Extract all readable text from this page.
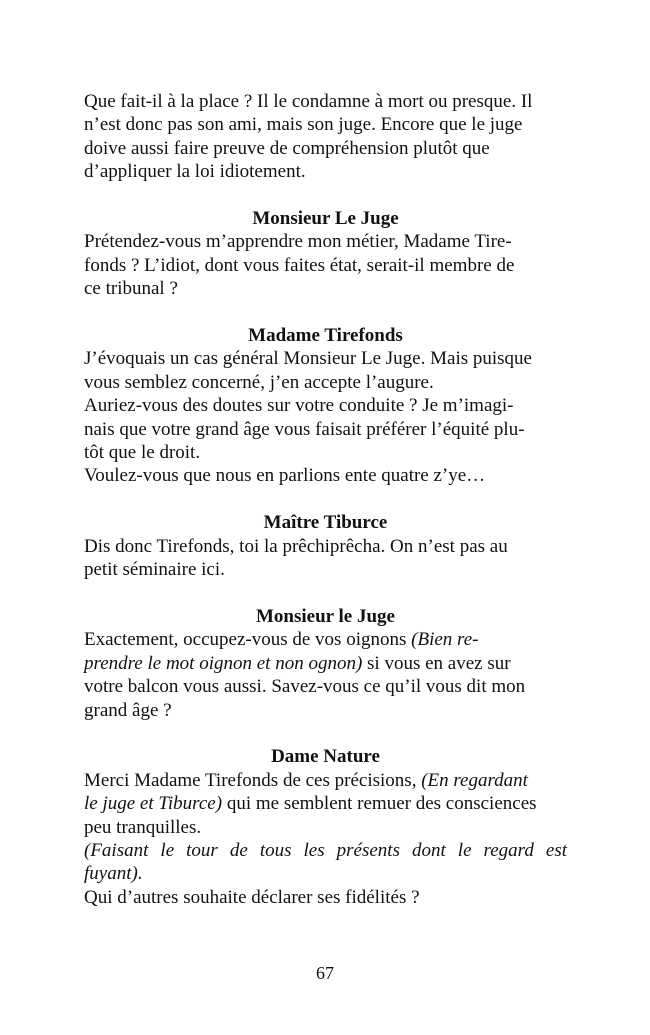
Que fait-il à la place ? Il le condamne à mort ou presque. Il
n’est donc pas son ami, mais son juge. Encore que le juge
doive aussi faire preuve de compréhension plutôt que
d’appliquer la loi idiotement.

Monsieur Le Juge

Prétendez-vous m’apprendre mon métier, Madame Tire-
fonds ? L’idiot, dont vous faites état, serait-il membre de
ce tribunal ?

Madame Tirefonds

J’évoquais un cas général Monsieur Le Juge. Mais puisque
vous semblez concerné, j’en accepte l’augure.
Auriez-vous des doutes sur votre conduite ? Je m’imagi-
nais que votre grand âge vous faisait préférer l’équité plu-
tôt que le droit.
Voulez-vous que nous en parlions ente quatre z’ye…

Maître Tiburce

Dis donc Tirefonds, toi la prêchiprêcha. On n’est pas au
petit séminaire ici.

Monsieur le Juge

Exactement, occupez-vous de vos oignons (Bien re-
prendre le mot oignon et non ognon) si vous en avez sur
votre balcon vous aussi. Savez-vous ce qu’il vous dit mon
grand âge ?

Dame Nature

Merci Madame Tirefonds de ces précisions, (En regardant
le juge et Tiburce) qui me semblent remuer des consciences
peu tranquilles.
(Faisant le tour de tous les présents dont le regard est
fuyant).
Qui d’autres souhaite déclarer ses fidélités ?
67
